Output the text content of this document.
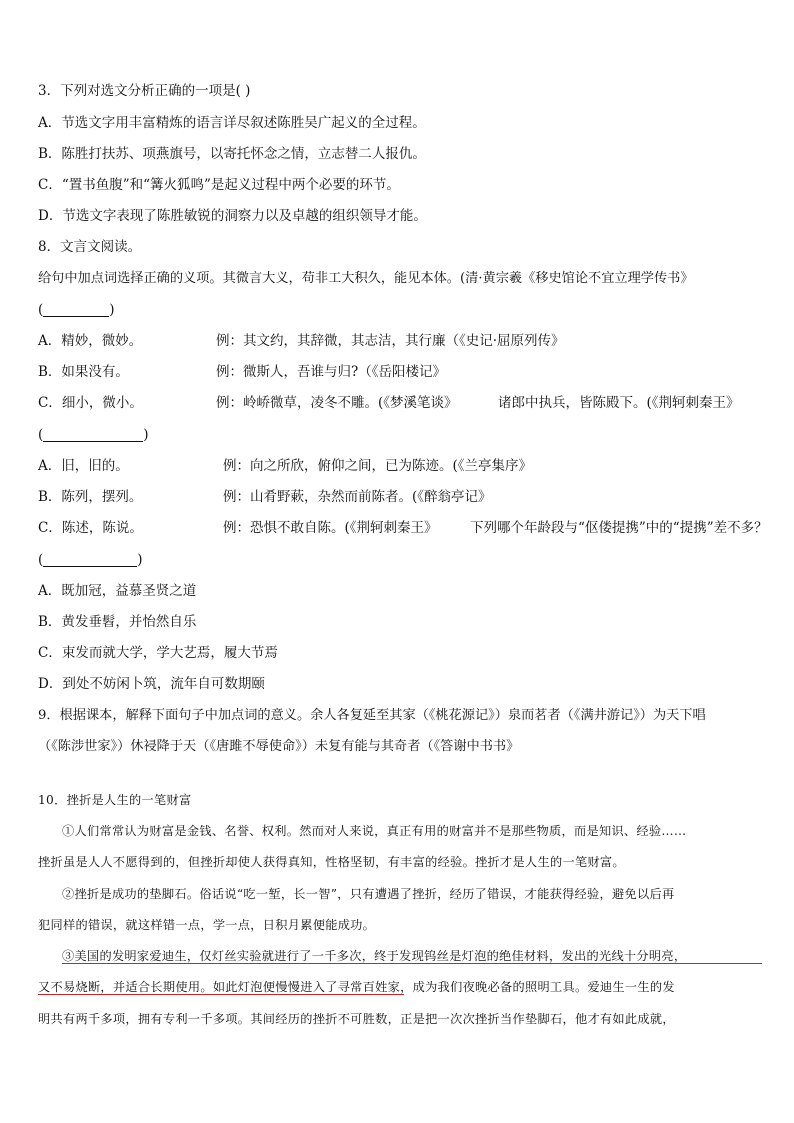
3．下列对选文分析正确的一项是( )
A．节选文字用丰富精炼的语言详尽叙述陈胜吴广起义的全过程。
B．陈胜打扶苏、项燕旗号，以寄托怀念之情，立志替二人报仇。
C．“置书鱼腹”和“篝火狐鸣”是起义过程中两个必要的环节。
D．节选文字表现了陈胜敏锐的洞察力以及卓越的组织领导才能。
8．文言文阅读。
给句中加点词选择正确的义项。其微言大义，苟非工大积久，能见本体。(清·黄宗羲《移史馆论不宜立理学传书》
(	)
A．精妙，微妙。	例：其文约，其辞微，其志洁，其行廉（《史记·屈原列传》
B．如果没有。	例：微斯人，吾谁与归?（《岳阳楼记》
C．细小，微小。	例：岭峤微草，凌冬不雕。(《梦溪笔谈》	诸郎中执兵，皆陈殿下。(《荆轲刺秦王》
(	)
A．旧，旧的。	例：向之所欣，俯仰之间，已为陈迹。(《兰亭集序》
B．陈列，摆列。	例：山肴野蔌，杂然而前陈者。(《醉翁亭记》
C．陈述，陈说。	例：恐惧不敢自陈。(《荆轲刺秦王》 下列哪个年龄段与“伛偻提携”中的“提携”差不多？
(	)
A．既加冠，益慕圣贤之道
B．黄发垂髫，并怡然自乐
C．束发而就大学，学大艺焉，履大节焉
D．到处不妨闲卜筑，流年自可数期颐
9．根据课本，解释下面句子中加点词的意义。余人各复延至其家（《桃花源记》）泉而茗者（《满井游记》）为天下唱
（《陈涉世家》）休祲降于天（《唐雎不辱使命》）未复有能与其奇者（《答谢中书书》
10．挫折是人生的一笔财富
①人们常常认为财富是金钱、名誉、权利。然而对人来说，真正有用的财富并不是那些物质，而是知识、经验……
挫折虽是人人不愿得到的，但挫折却使人获得真知，性格坚韧，有丰富的经验。挫折才是人生的一笔财富。
②挫折是成功的垫脚石。俗话说“吃一堑，长一智”，只有遭遇了挫折，经历了错误，才能获得经验，避免以后再
犯同样的错误，就这样错一点，学一点，日积月累便能成功。
③美国的发明家爱迪生，仅灯丝实验就进行了一千多次，终于发现钨丝是灯泡的绝佳材料，发出的光线十分明亮，
又不易烧断，并适合长期使用。如此灯泡便慢慢进入了寻常百姓家，成为我们夜晚必备的照明工具。爱迪生一生的发
明共有两千多项，拥有专利一千多项。其间经历的挫折不可胜数，正是把一次次挫折当作垫脚石，他才有如此成就，
